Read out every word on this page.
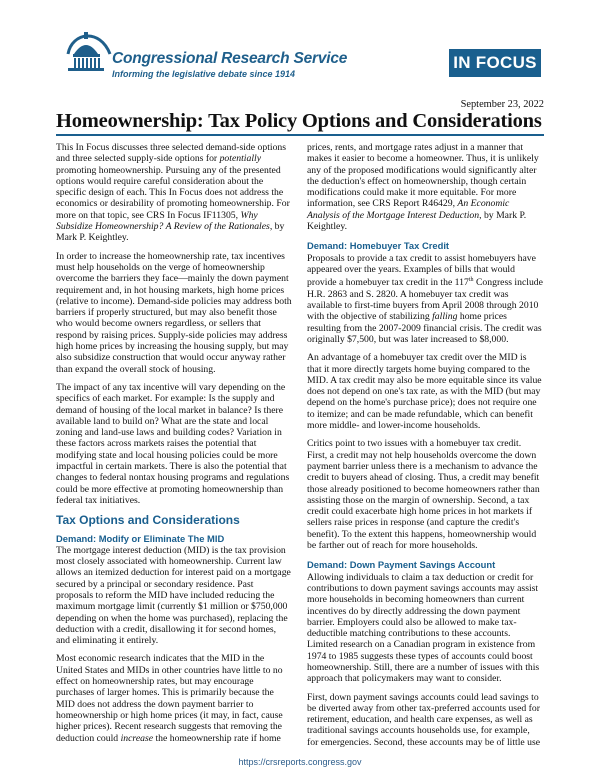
Congressional Research Service
Informing the legislative debate since 1914
IN FOCUS
September 23, 2022
Homeownership: Tax Policy Options and Considerations

This In Focus discusses three selected demand-side options and three selected supply-side options for potentially promoting homeownership. Pursuing any of the presented options would require careful consideration about the specific design of each. This In Focus does not address the economics or desirability of promoting homeownership. For more on that topic, see CRS In Focus IF11305, Why Subsidize Homeownership? A Review of the Rationales, by Mark P. Keightley.

In order to increase the homeownership rate, tax incentives must help households on the verge of homeownership overcome the barriers they face—mainly the down payment requirement and, in hot housing markets, high home prices (relative to income). Demand-side policies may address both barriers if properly structured, but may also benefit those who would become owners regardless, or sellers that respond by raising prices. Supply-side policies may address high home prices by increasing the housing supply, but may also subsidize construction that would occur anyway rather than expand the overall stock of housing.

The impact of any tax incentive will vary depending on the specifics of each market. For example: Is the supply and demand of housing of the local market in balance? Is there available land to build on? What are the state and local zoning and land-use laws and building codes? Variation in these factors across markets raises the potential that modifying state and local housing policies could be more impactful in certain markets. There is also the potential that changes to federal nontax housing programs and regulations could be more effective at promoting homeownership than federal tax initiatives.

Tax Options and Considerations
Demand: Modify or Eliminate The MID

The mortgage interest deduction (MID) is the tax provision most closely associated with homeownership. Current law allows an itemized deduction for interest paid on a mortgage secured by a principal or secondary residence. Past proposals to reform the MID have included reducing the maximum mortgage limit (currently $1 million or $750,000 depending on when the home was purchased), replacing the deduction with a credit, disallowing it for second homes, and eliminating it entirely.

Most economic research indicates that the MID in the United States and MIDs in other countries have little to no effect on homeownership rates, but may encourage purchases of larger homes. This is primarily because the MID does not address the down payment barrier to homeownership or high home prices (it may, in fact, cause higher prices). Recent research suggests that removing the deduction could increase the homeownership rate if home

prices, rents, and mortgage rates adjust in a manner that makes it easier to become a homeowner. Thus, it is unlikely any of the proposed modifications would significantly alter the deduction's effect on homeownership, though certain modifications could make it more equitable. For more information, see CRS Report R46429, An Economic Analysis of the Mortgage Interest Deduction, by Mark P. Keightley.

Demand: Homebuyer Tax Credit

Proposals to provide a tax credit to assist homebuyers have appeared over the years. Examples of bills that would provide a homebuyer tax credit in the 117th Congress include H.R. 2863 and S. 2820. A homebuyer tax credit was available to first-time buyers from April 2008 through 2010 with the objective of stabilizing falling home prices resulting from the 2007-2009 financial crisis. The credit was originally $7,500, but was later increased to $8,000.

An advantage of a homebuyer tax credit over the MID is that it more directly targets home buying compared to the MID. A tax credit may also be more equitable since its value does not depend on one's tax rate, as with the MID (but may depend on the home's purchase price); does not require one to itemize; and can be made refundable, which can benefit more middle- and lower-income households.

Critics point to two issues with a homebuyer tax credit. First, a credit may not help households overcome the down payment barrier unless there is a mechanism to advance the credit to buyers ahead of closing. Thus, a credit may benefit those already positioned to become homeowners rather than assisting those on the margin of ownership. Second, a tax credit could exacerbate high home prices in hot markets if sellers raise prices in response (and capture the credit's benefit). To the extent this happens, homeownership would be farther out of reach for more households.

Demand: Down Payment Savings Account

Allowing individuals to claim a tax deduction or credit for contributions to down payment savings accounts may assist more households in becoming homeowners than current incentives do by directly addressing the down payment barrier. Employers could also be allowed to make tax-deductible matching contributions to these accounts. Limited research on a Canadian program in existence from 1974 to 1985 suggests these types of accounts could boost homeownership. Still, there are a number of issues with this approach that policymakers may want to consider.

First, down payment savings accounts could lead savings to be diverted away from other tax-preferred accounts used for retirement, education, and health care expenses, as well as traditional savings accounts households use, for example, for emergencies. Second, these accounts may be of little use

https://crsreports.congress.gov
